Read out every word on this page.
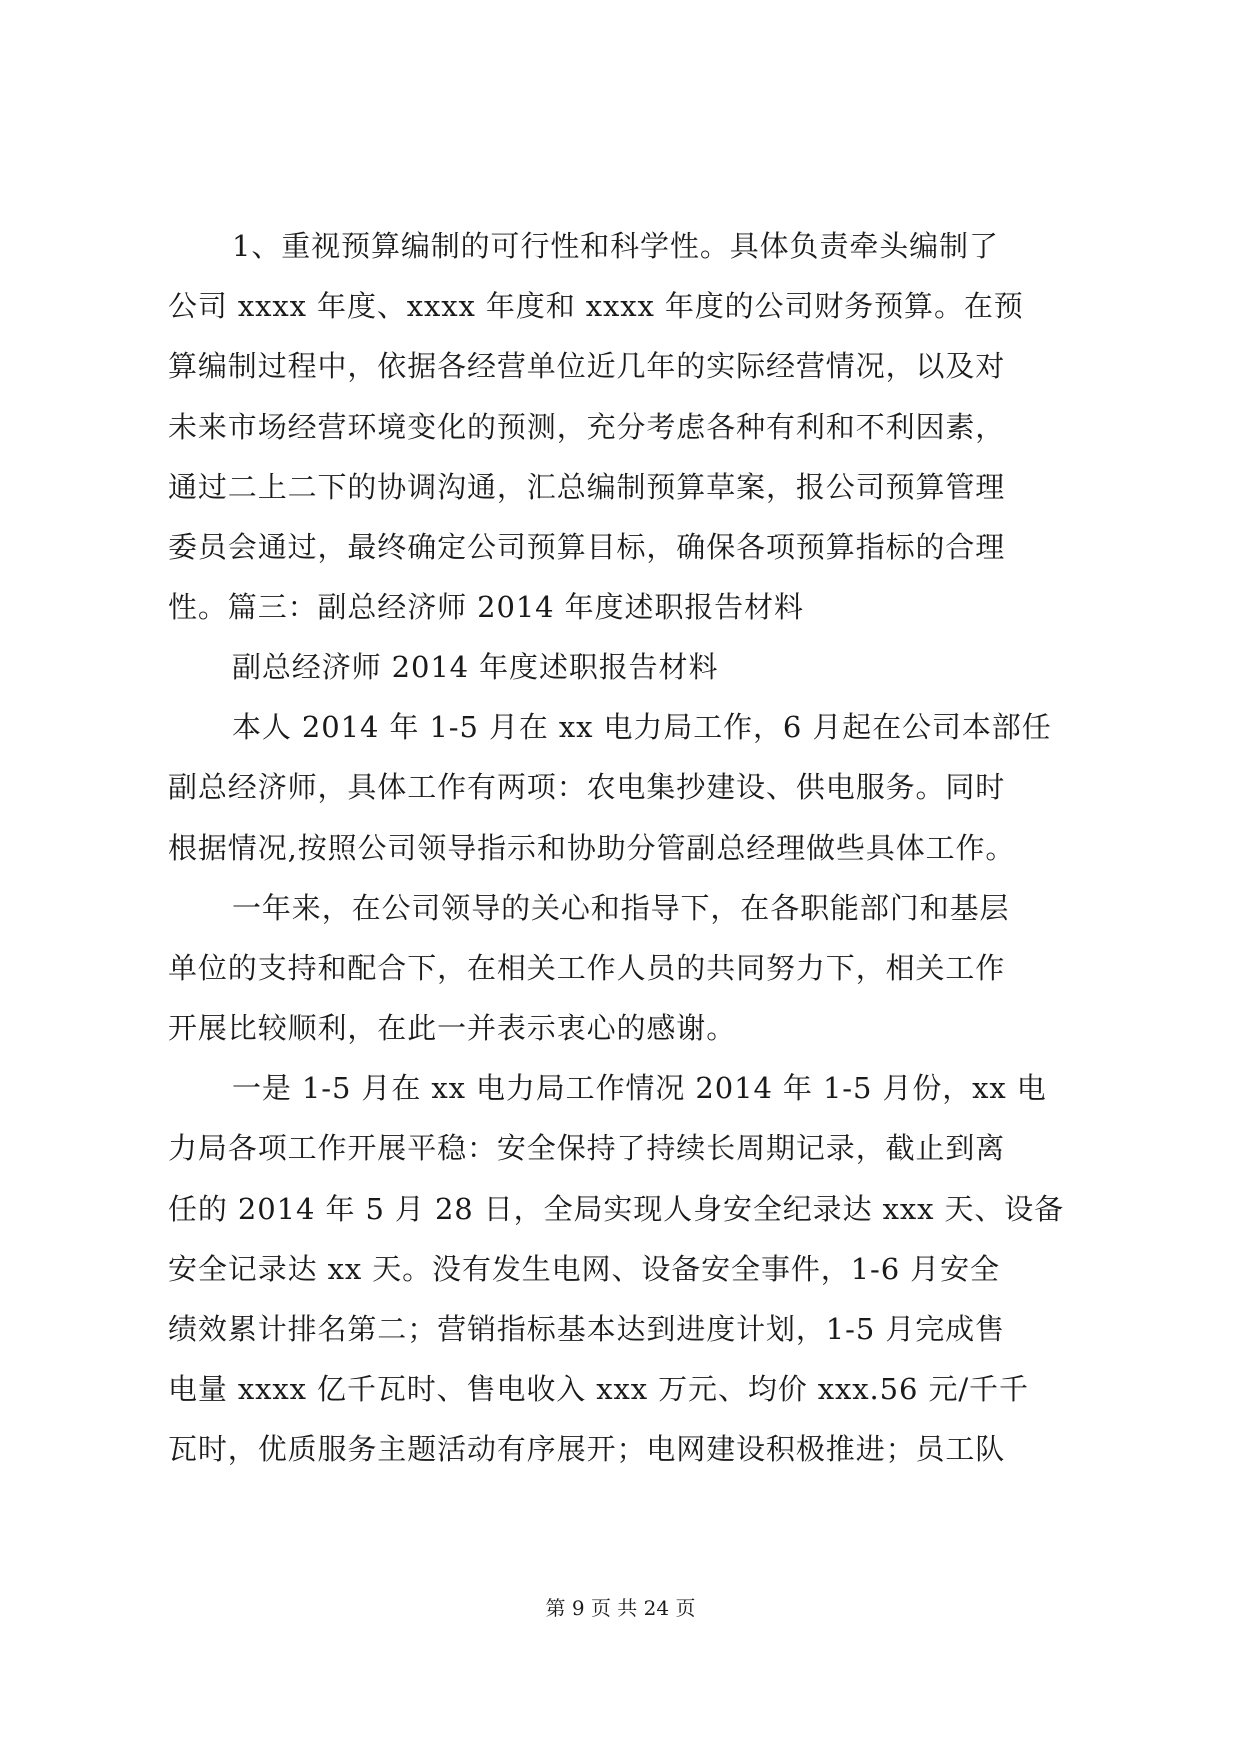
1、重视预算编制的可行性和科学性。具体负责牵头编制了
公司 xxxx 年度、xxxx 年度和 xxxx 年度的公司财务预算。在预
算编制过程中，依据各经营单位近几年的实际经营情况，以及对
未来市场经营环境变化的预测，充分考虑各种有利和不利因素，
通过二上二下的协调沟通，汇总编制预算草案，报公司预算管理
委员会通过，最终确定公司预算目标，确保各项预算指标的合理
性。篇三：副总经济师 2014 年度述职报告材料
副总经济师 2014 年度述职报告材料
本人 2014 年 1-5 月在 xx 电力局工作，6 月起在公司本部任
副总经济师，具体工作有两项：农电集抄建设、供电服务。同时
根据情况,按照公司领导指示和协助分管副总经理做些具体工作。
一年来，在公司领导的关心和指导下，在各职能部门和基层
单位的支持和配合下，在相关工作人员的共同努力下，相关工作
开展比较顺利，在此一并表示衷心的感谢。
一是 1-5 月在 xx 电力局工作情况 2014 年 1-5 月份，xx 电
力局各项工作开展平稳：安全保持了持续长周期记录，截止到离
任的 2014 年 5 月 28 日，全局实现人身安全纪录达 xxx 天、设备
安全记录达 xx 天。没有发生电网、设备安全事件，1-6 月安全
绩效累计排名第二；营销指标基本达到进度计划，1-5 月完成售
电量 xxxx 亿千瓦时、售电收入 xxx 万元、均价 xxx.56 元/千千
瓦时，优质服务主题活动有序展开；电网建设积极推进；员工队
第 9 页 共 24 页
